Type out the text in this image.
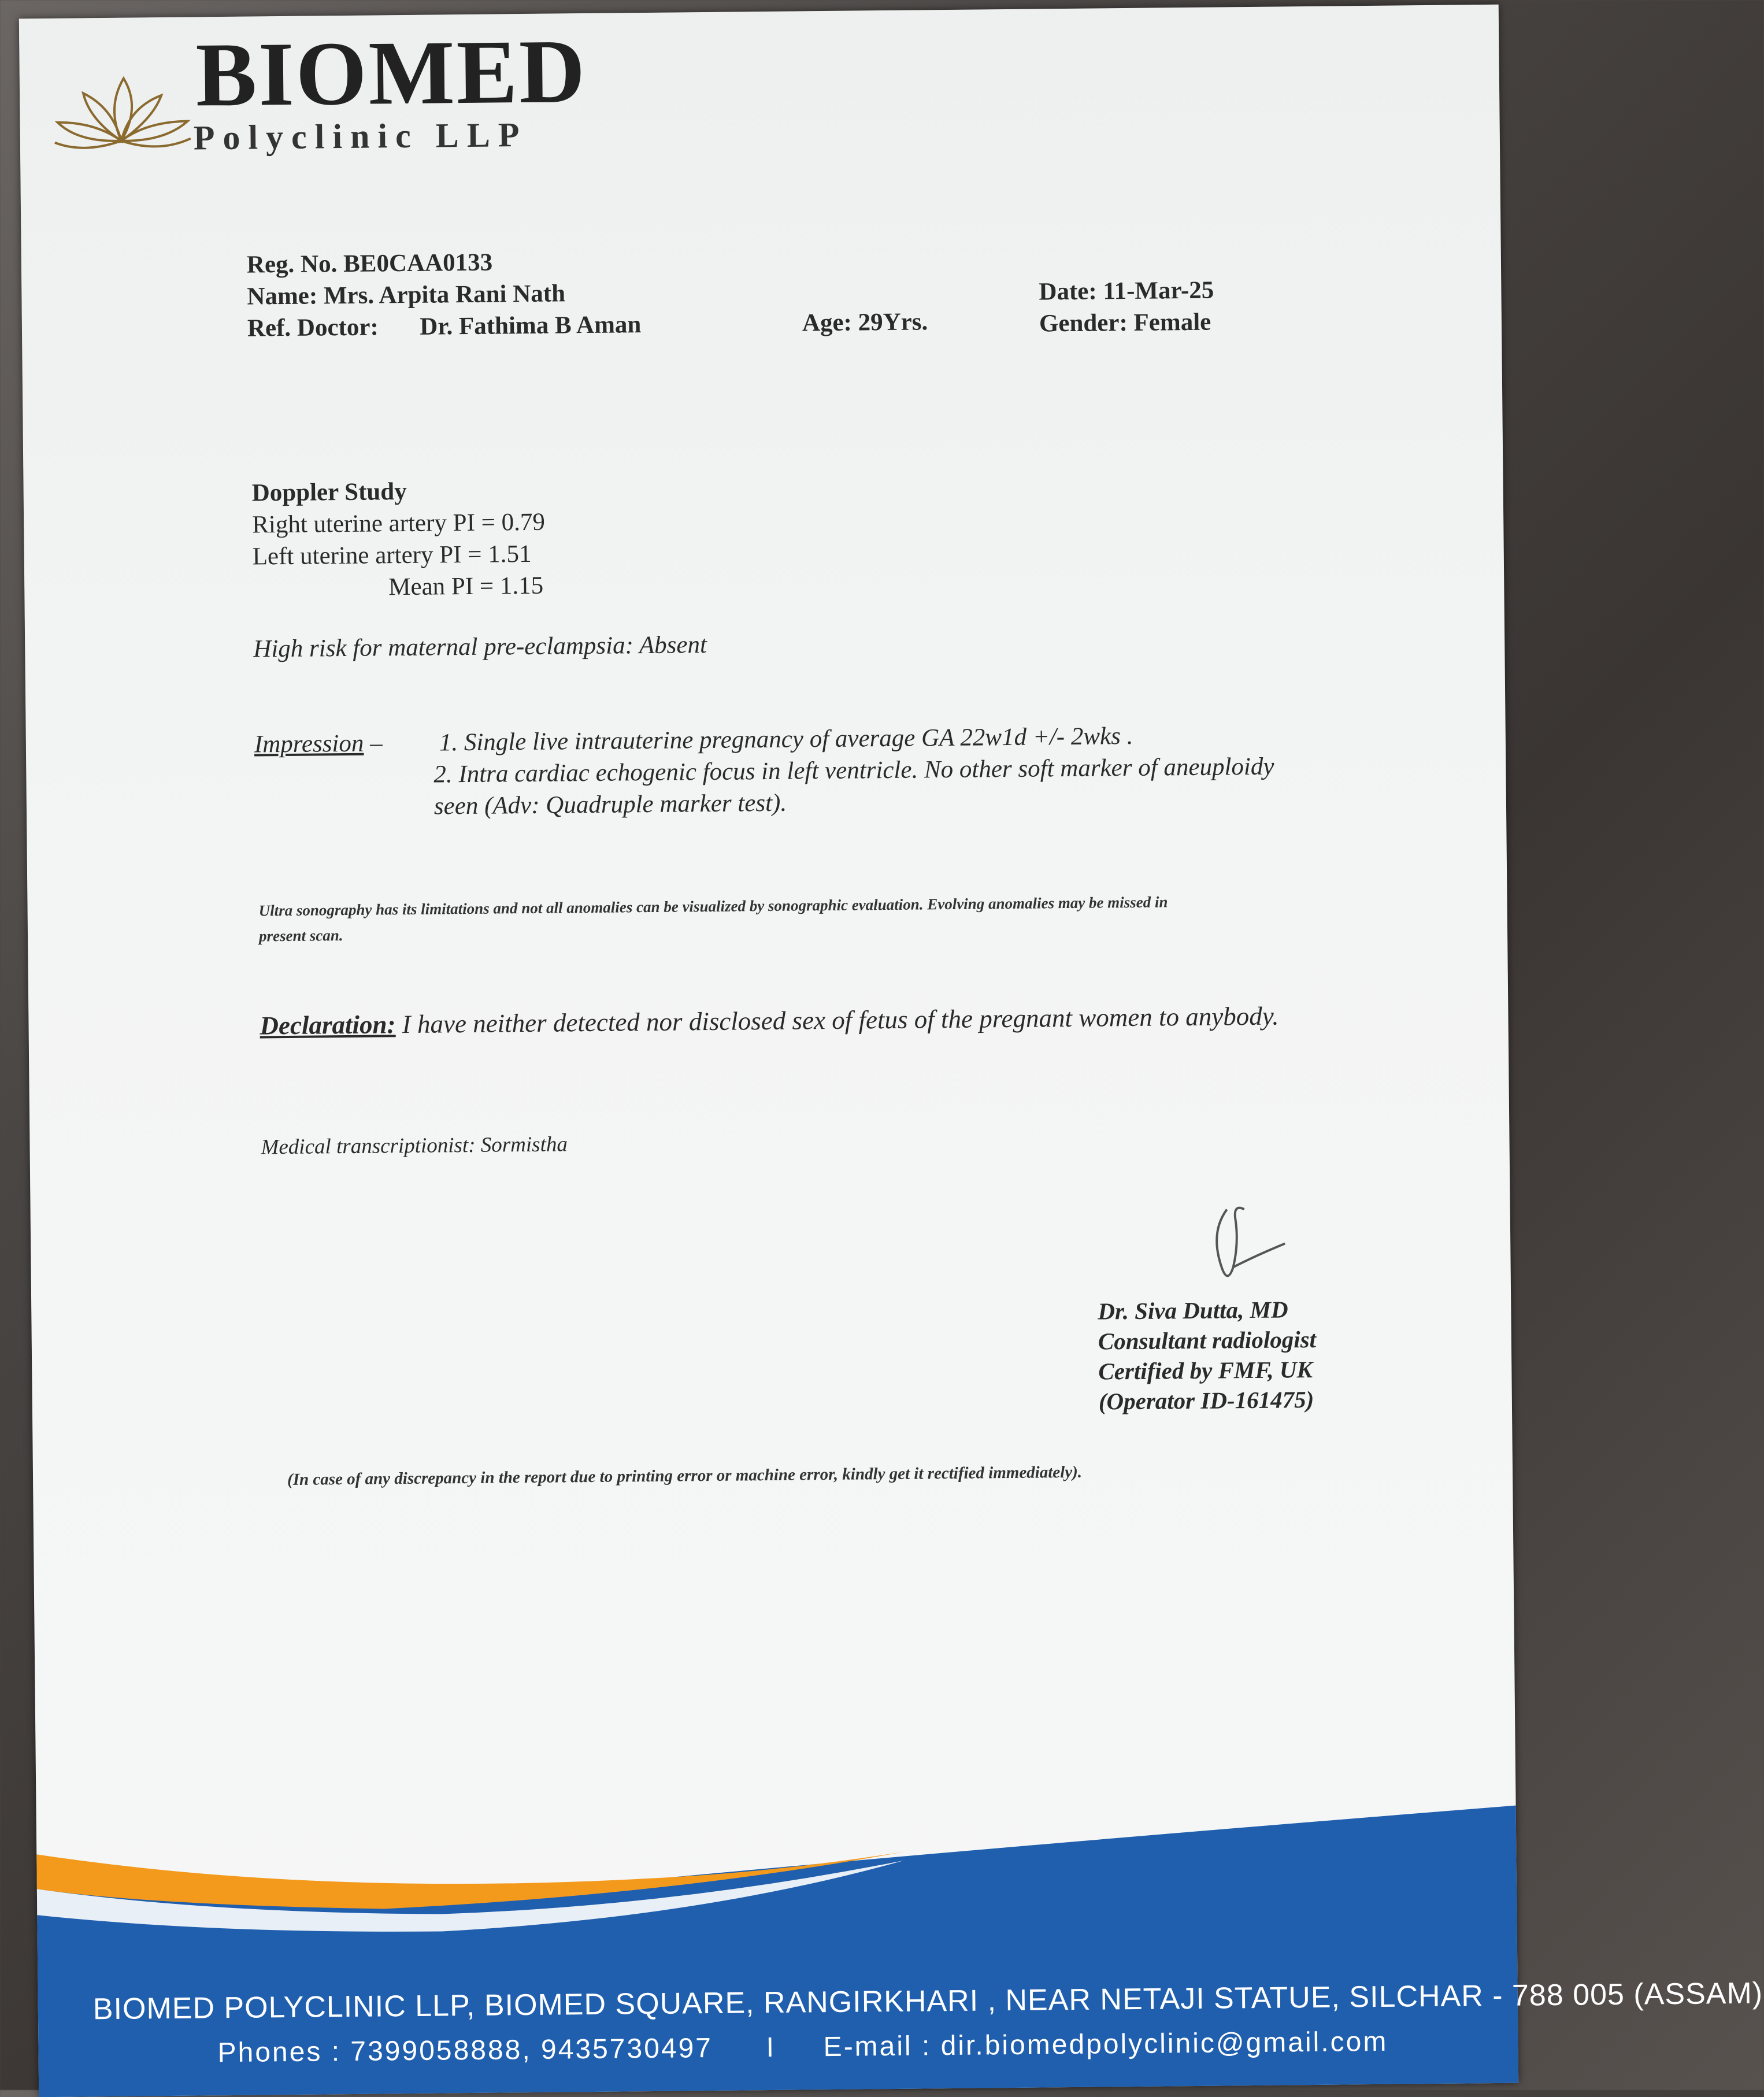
BIOMED
Polyclinic LLP
Reg. No. BE0CAA0133
Name: Mrs. Arpita Rani Nath
Ref. Doctor: Dr. Fathima B Aman	Age: 29Yrs.
Date: 11-Mar-25
Gender: Female
Doppler Study
Right uterine artery PI = 0.79
Left uterine artery PI = 1.51
Mean PI = 1.15
High risk for maternal pre-eclampsia: Absent
Impression – 1. Single live intrauterine pregnancy of average GA 22w1d +/- 2wks .
2. Intra cardiac echogenic focus in left ventricle. No other soft marker of aneuploidy
seen (Adv: Quadruple marker test).
Ultra sonography has its limitations and not all anomalies can be visualized by sonographic evaluation. Evolving anomalies may be missed in
present scan.
Declaration: I have neither detected nor disclosed sex of fetus of the pregnant women to anybody.
Medical transcriptionist: Sormistha
Dr. Siva Dutta, MD
Consultant radiologist
Certified by FMF, UK
(Operator ID-161475)
(In case of any discrepancy in the report due to printing error or machine error, kindly get it rectified immediately).
BIOMED POLYCLINIC LLP, BIOMED SQUARE, RANGIRKHARI , NEAR NETAJI STATUE, SILCHAR - 788 005 (ASSAM)
Phones : 7399058888, 9435730497 I E-mail : dir.biomedpolyclinic@gmail.com
